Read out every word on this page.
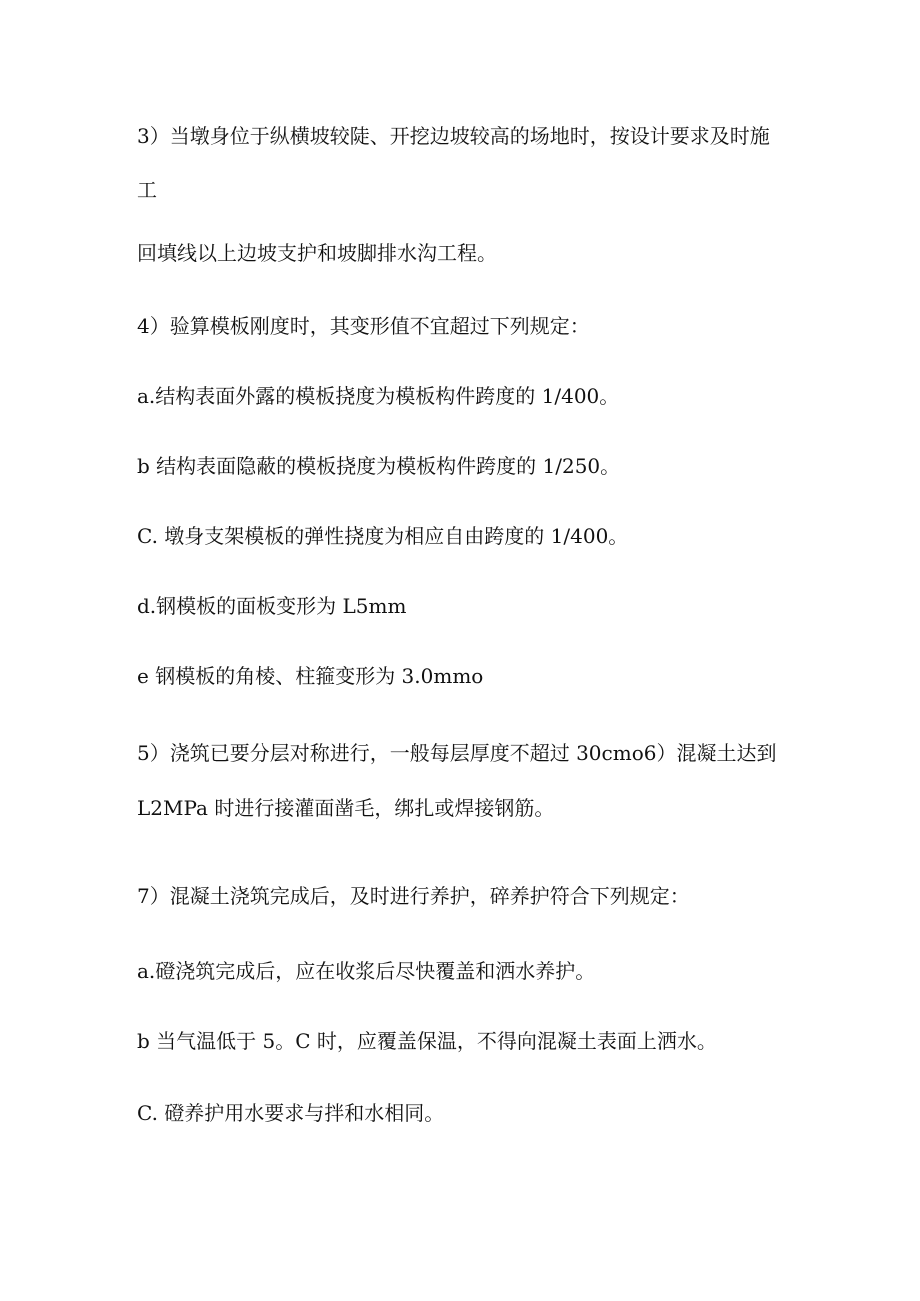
3）当墩身位于纵横坡较陡、开挖边坡较高的场地时，按设计要求及时施
工
回填线以上边坡支护和坡脚排水沟工程。
4）验算模板刚度时，其变形值不宜超过下列规定：
a.结构表面外露的模板挠度为模板构件跨度的 1/400。
b 结构表面隐蔽的模板挠度为模板构件跨度的 1/250。
C. 墩身支架模板的弹性挠度为相应自由跨度的 1/400。
d.钢模板的面板变形为 L5mm
e 钢模板的角棱、柱箍变形为 3.0mmo
5）浇筑已要分层对称进行，一般每层厚度不超过 30cmo6）混凝土达到
L2MPa 时进行接灌面凿毛，绑扎或焊接钢筋。
7）混凝土浇筑完成后，及时进行养护，碎养护符合下列规定：
a.磴浇筑完成后，应在收浆后尽快覆盖和洒水养护。
b 当气温低于 5。C 时，应覆盖保温，不得向混凝土表面上洒水。
C. 磴养护用水要求与拌和水相同。
